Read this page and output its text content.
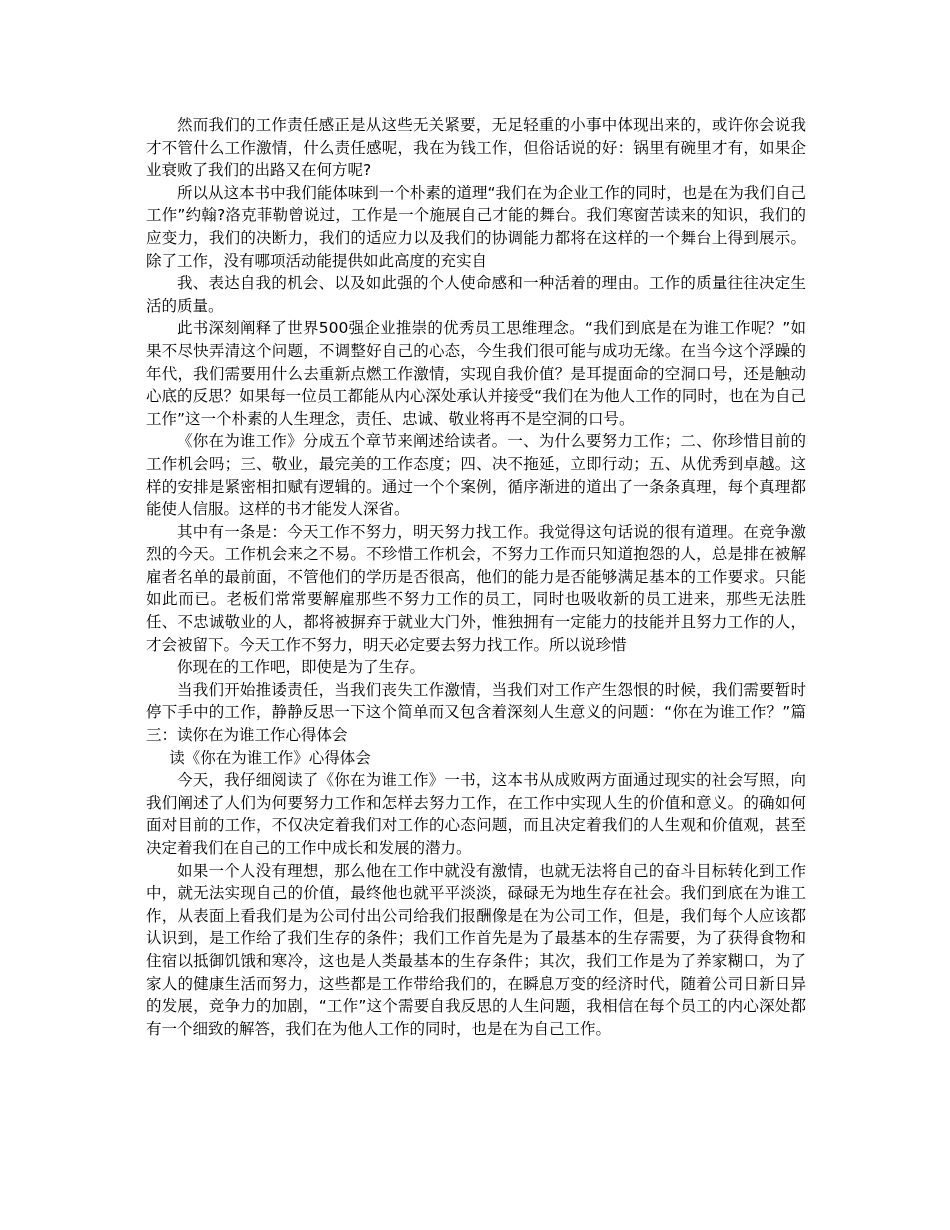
然而我们的工作责任感正是从这些无关紧要，无足轻重的小事中体现出来的，或许你会说我才不管什么工作激情，什么责任感呢，我在为钱工作，但俗话说的好：锅里有碗里才有，如果企业衰败了我们的出路又在何方呢?

所以从这本书中我们能体味到一个朴素的道理“我们在为企业工作的同时，也是在为我们自己工作”约翰?洛克菲勒曾说过，工作是一个施展自己才能的舞台。我们寒窗苦读来的知识，我们的应变力，我们的决断力，我们的适应力以及我们的协调能力都将在这样的一个舞台上得到展示。除了工作，没有哪项活动能提供如此高度的充实自

我、表达自我的机会、以及如此强的个人使命感和一种活着的理由。工作的质量往往决定生活的质量。

此书深刻阐释了世界500强企业推崇的优秀员工思维理念。“我们到底是在为谁工作呢？”如果不尽快弄清这个问题，不调整好自己的心态，今生我们很可能与成功无缘。在当今这个浮躁的年代，我们需要用什么去重新点燃工作激情，实现自我价值？是耳提面命的空洞口号，还是触动心底的反思？如果每一位员工都能从内心深处承认并接受“我们在为他人工作的同时，也在为自己工作”这一个朴素的人生理念，责任、忠诚、敬业将再不是空洞的口号。

《你在为谁工作》分成五个章节来阐述给读者。一、为什么要努力工作；二、你珍惜目前的工作机会吗；三、敬业，最完美的工作态度；四、决不拖延，立即行动；五、从优秀到卓越。这样的安排是紧密相扣赋有逻辑的。通过一个个案例，循序渐进的道出了一条条真理，每个真理都能使人信服。这样的书才能发人深省。

其中有一条是：今天工作不努力，明天努力找工作。我觉得这句话说的很有道理。在竞争激烈的今天。工作机会来之不易。不珍惜工作机会，不努力工作而只知道抱怨的人，总是排在被解雇者名单的最前面，不管他们的学历是否很高，他们的能力是否能够满足基本的工作要求。只能如此而已。老板们常常要解雇那些不努力工作的员工，同时也吸收新的员工进来，那些无法胜任、不忠诚敬业的人，都将被摒弃于就业大门外，惟独拥有一定能力的技能并且努力工作的人，才会被留下。今天工作不努力，明天必定要去努力找工作。所以说珍惜

你现在的工作吧，即使是为了生存。

当我们开始推诿责任，当我们丧失工作激情，当我们对工作产生怨恨的时候，我们需要暂时停下手中的工作，静静反思一下这个简单而又包含着深刻人生意义的问题：“你在为谁工作？”篇三：读你在为谁工作心得体会

读《你在为谁工作》心得体会

今天，我仔细阅读了《你在为谁工作》一书，这本书从成败两方面通过现实的社会写照，向我们阐述了人们为何要努力工作和怎样去努力工作，在工作中实现人生的价值和意义。的确如何面对目前的工作，不仅决定着我们对工作的心态问题，而且决定着我们的人生观和价值观，甚至决定着我们在自己的工作中成长和发展的潜力。

如果一个人没有理想，那么他在工作中就没有激情，也就无法将自己的奋斗目标转化到工作中，就无法实现自己的价值，最终他也就平平淡淡，碌碌无为地生存在社会。我们到底在为谁工作，从表面上看我们是为公司付出公司给我们报酬像是在为公司工作，但是，我们每个人应该都认识到，是工作给了我们生存的条件；我们工作首先是为了最基本的生存需要，为了获得食物和住宿以抵御饥饿和寒冷，这也是人类最基本的生存条件；其次，我们工作是为了养家糊口，为了家人的健康生活而努力，这些都是工作带给我们的，在瞬息万变的经济时代，随着公司日新日异的发展，竞争力的加剧，“工作”这个需要自我反思的人生问题，我相信在每个员工的内心深处都有一个细致的解答，我们在为他人工作的同时，也是在为自己工作。
